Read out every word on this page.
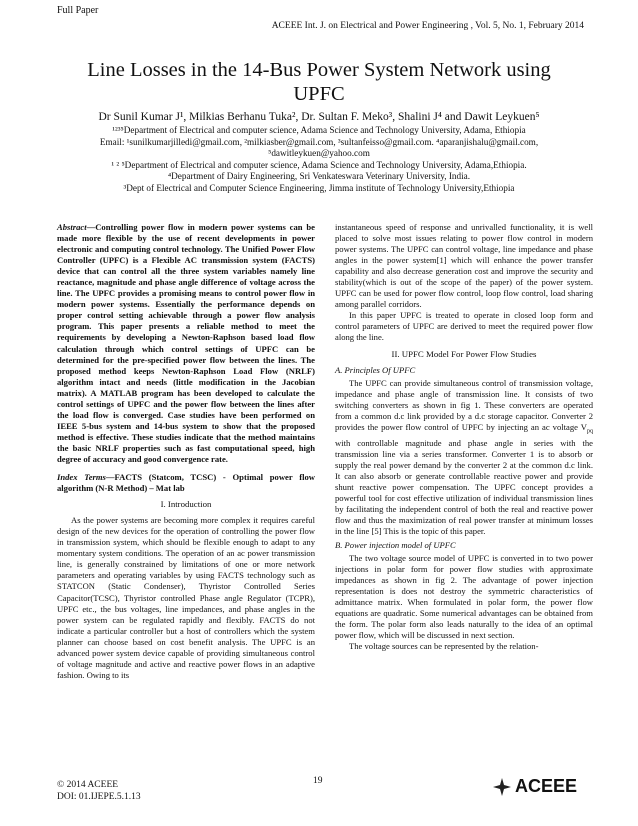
Full Paper
ACEEE Int. J. on Electrical and Power Engineering , Vol. 5, No. 1, February 2014
Line Losses in the 14-Bus Power System Network using UPFC
Dr Sunil Kumar J¹, Milkias Berhanu Tuka², Dr. Sultan F. Meko³, Shalini J⁴ and Dawit Leykuen⁵
¹²³⁵Department of Electrical and computer science, Adama Science and Technology University, Adama, Ethiopia
Email: ¹sunilkumarjilledi@gmail.com, ²milkiasber@gmail.com, ³sultanfeisso@gmail.com. ⁴aparanjishalu@gmail.com,
⁵dawitleykuen@yahoo.com
¹ ² ⁵Department of Electrical and computer science, Adama Science and Technology University, Adama,Ethiopia.
⁴Department of Dairy Engineering, Sri Venkateswara Veterinary University, India.
³Dept of Electrical and Computer Science Engineering, Jimma institute of Technology University,Ethiopia

Abstract—Controlling power flow in modern power systems can be made more flexible by the use of recent developments in power electronic and computing control technology. The Unified Power Flow Controller (UPFC) is a Flexible AC transmission system (FACTS) device that can control all the three system variables namely line reactance, magnitude and phase angle difference of voltage across the line. The UPFC provides a promising means to control power flow in modern power systems. Essentially the performance depends on proper control setting achievable through a power flow analysis program. This paper presents a reliable method to meet the requirements by developing a Newton-Raphson based load flow calculation through which control settings of UPFC can be determined for the pre-specified power flow between the lines. The proposed method keeps Newton-Raphson Load Flow (NRLF) algorithm intact and needs (little modification in the Jacobian matrix). A MATLAB program has been developed to calculate the control settings of UPFC and the power flow between the lines after the load flow is converged. Case studies have been performed on IEEE 5-bus system and 14-bus system to show that the proposed method is effective. These studies indicate that the method maintains the basic NRLF properties such as fast computational speed, high degree of accuracy and good convergence rate.

Index Terms—FACTS (Statcom, TCSC) - Optimal power flow algorithm (N-R Method) – Mat lab

I. Introduction

As the power systems are becoming more complex it requires careful design of the new devices for the operation of controlling the power flow in transmission system, which should be flexible enough to adapt to any momentary system conditions. The operation of an ac power transmission line, is generally constrained by limitations of one or more network parameters and operating variables by using FACTS technology such as STATCON (Static Condenser), Thyristor Controlled Series Capacitor(TCSC), Thyristor controlled Phase angle Regulator (TCPR), UPFC etc., the bus voltages, line impedances, and phase angles in the power system can be regulated rapidly and flexibly. FACTS do not indicate a particular controller but a host of controllers which the system planner can choose based on cost benefit analysis. The UPFC is an advanced power system device capable of providing simultaneous control of voltage magnitude and active and reactive power flows in an adaptive fashion. Owing to its

instantaneous speed of response and unrivalled functionality, it is well placed to solve most issues relating to power flow control in modern power systems. The UPFC can control voltage, line impedance and phase angles in the power system[1] which will enhance the power transfer capability and also decrease generation cost and improve the security and stability(which is out of the scope of the paper) of the power system. UPFC can be used for power flow control, loop flow control, load sharing among parallel corridors.

In this paper UPFC is treated to operate in closed loop form and control parameters of UPFC are derived to meet the required power flow along the line.

II. UPFC Model For Power Flow Studies

A. Principles Of UPFC

The UPFC can provide simultaneous control of transmission voltage, impedance and phase angle of transmission line. It consists of two switching converters as shown in fig 1. These converters are operated from a common d.c link provided by a d.c storage capacitor. Converter 2 provides the power flow control of UPFC by injecting an ac voltage $V_{pq}$ with controllable magnitude and phase angle in series with the transmission line via a series transformer. Converter 1 is to absorb or supply the real power demand by the converter 2 at the common d.c link. It can also absorb or generate controllable reactive power and provide shunt reactive power compensation. The UPFC concept provides a powerful tool for cost effective utilization of individual transmission lines by facilitating the independent control of both the real and reactive power flow and thus the maximization of real power transfer at minimum losses in the line [5] This is the topic of this paper.

B. Power injection model of UPFC

The two voltage source model of UPFC is converted in to two power injections in polar form for power flow studies with approximate impedances as shown in fig 2. The advantage of power injection representation is does not destroy the symmetric characteristics of admittance matrix. When formulated in polar form, the power flow equations are quadratic. Some numerical advantages can be obtained from the form. The polar form also leads naturally to the idea of an optimal power flow, which will be discussed in next section.

The voltage sources can be represented by the relation-

© 2014 ACEEE
DOI: 01.IJEPE.5.1.13
19	ACEEE
